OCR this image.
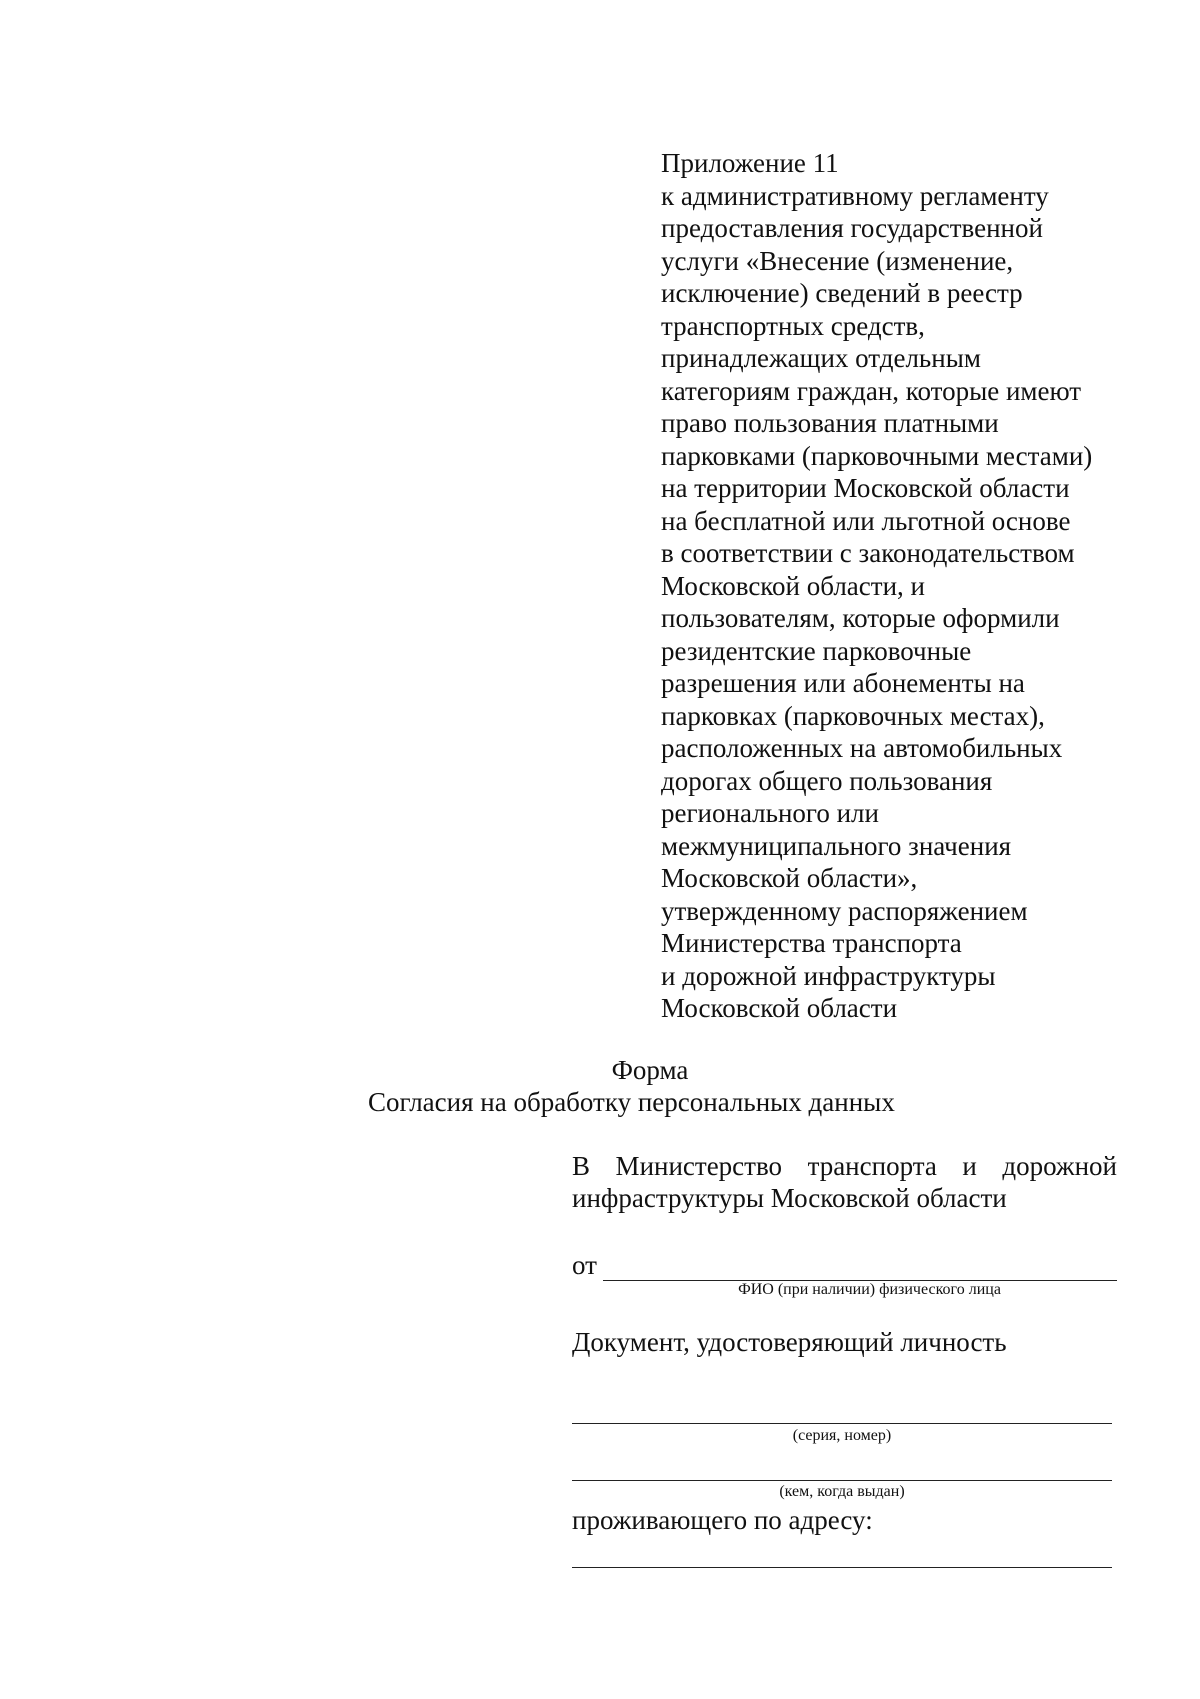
Приложение 11
к административному регламенту
предоставления государственной
услуги «Внесение (изменение,
исключение) сведений в реестр
транспортных средств,
принадлежащих отдельным
категориям граждан, которые имеют
право пользования платными
парковками (парковочными местами)
на территории Московской области
на бесплатной или льготной основе
в соответствии с законодательством
Московской области, и
пользователям, которые оформили
резидентские парковочные
разрешения или абонементы на
парковках (парковочных местах),
расположенных на автомобильных
дорогах общего пользования
регионального или
межмуниципального значения
Московской области»,
утвержденному распоряжением
Министерства транспорта
и дорожной инфраструктуры
Московской области
Форма
Согласия на обработку персональных данных
В Министерство транспорта и дорожной
инфраструктуры Московской области
от
ФИО (при наличии) физического лица
Документ, удостоверяющий личность
(серия, номер)
(кем, когда выдан)
проживающего по адресу:
